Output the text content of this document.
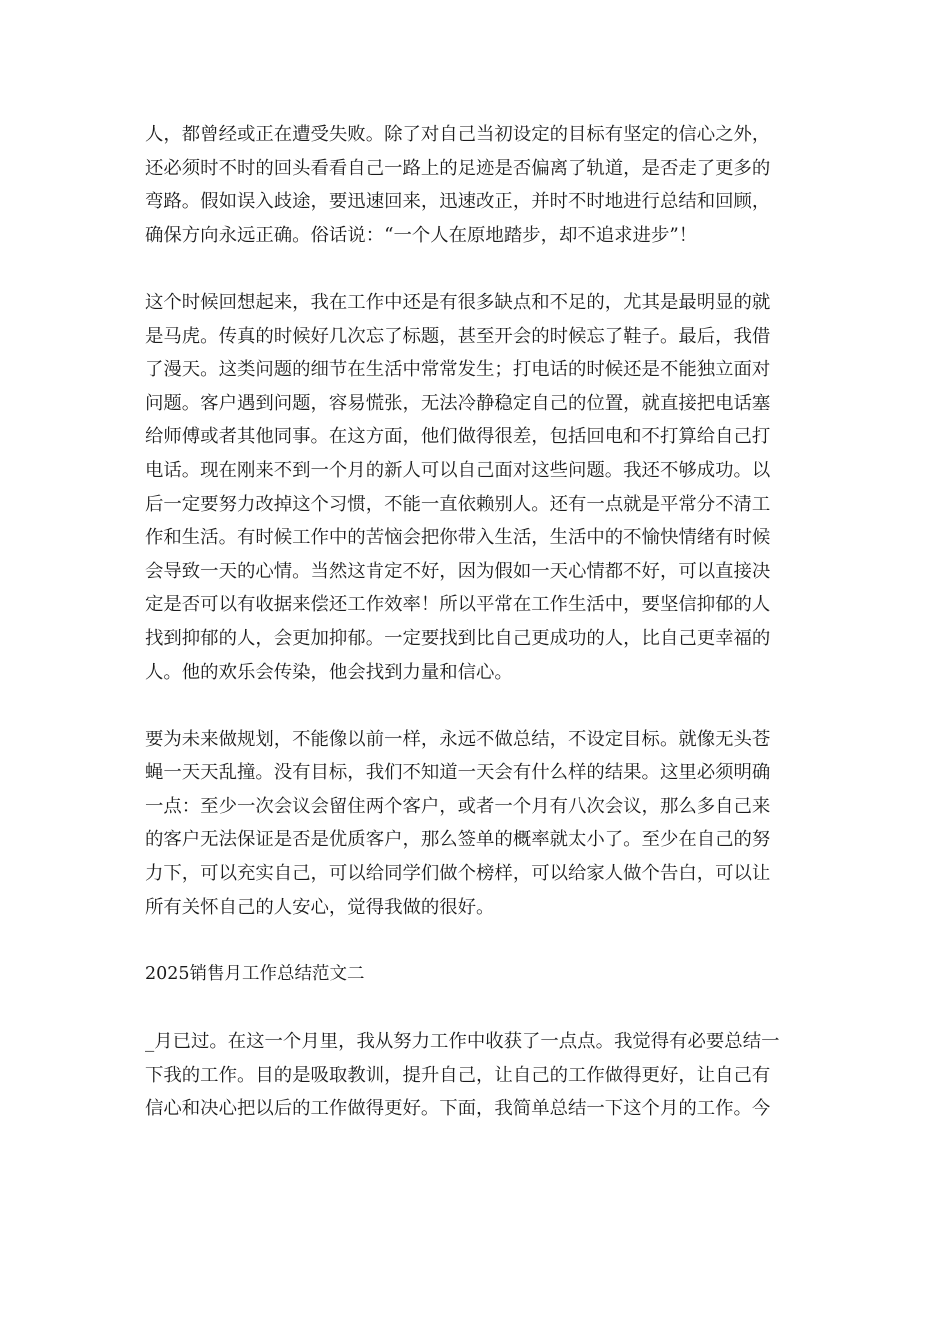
人，都曾经或正在遭受失败。除了对自己当初设定的目标有坚定的信心之外，
还必须时不时的回头看看自己一路上的足迹是否偏离了轨道，是否走了更多的
弯路。假如误入歧途，要迅速回来，迅速改正，并时不时地进行总结和回顾，
确保方向永远正确。俗话说：“一个人在原地踏步，却不追求进步”！
这个时候回想起来，我在工作中还是有很多缺点和不足的，尤其是最明显的就
是马虎。传真的时候好几次忘了标题，甚至开会的时候忘了鞋子。最后，我借
了漫天。这类问题的细节在生活中常常发生；打电话的时候还是不能独立面对
问题。客户遇到问题，容易慌张，无法冷静稳定自己的位置，就直接把电话塞
给师傅或者其他同事。在这方面，他们做得很差，包括回电和不打算给自己打
电话。现在刚来不到一个月的新人可以自己面对这些问题。我还不够成功。以
后一定要努力改掉这个习惯，不能一直依赖别人。还有一点就是平常分不清工
作和生活。有时候工作中的苦恼会把你带入生活，生活中的不愉快情绪有时候
会导致一天的心情。当然这肯定不好，因为假如一天心情都不好，可以直接决
定是否可以有收据来偿还工作效率！所以平常在工作生活中，要坚信抑郁的人
找到抑郁的人，会更加抑郁。一定要找到比自己更成功的人，比自己更幸福的
人。他的欢乐会传染，他会找到力量和信心。
要为未来做规划，不能像以前一样，永远不做总结，不设定目标。就像无头苍
蝇一天天乱撞。没有目标，我们不知道一天会有什么样的结果。这里必须明确
一点：至少一次会议会留住两个客户，或者一个月有八次会议，那么多自己来
的客户无法保证是否是优质客户，那么签单的概率就太小了。至少在自己的努
力下，可以充实自己，可以给同学们做个榜样，可以给家人做个告白，可以让
所有关怀自己的人安心，觉得我做的很好。
2025销售月工作总结范文二
_月已过。在这一个月里，我从努力工作中收获了一点点。我觉得有必要总结一
下我的工作。目的是吸取教训，提升自己，让自己的工作做得更好，让自己有
信心和决心把以后的工作做得更好。下面，我简单总结一下这个月的工作。今
